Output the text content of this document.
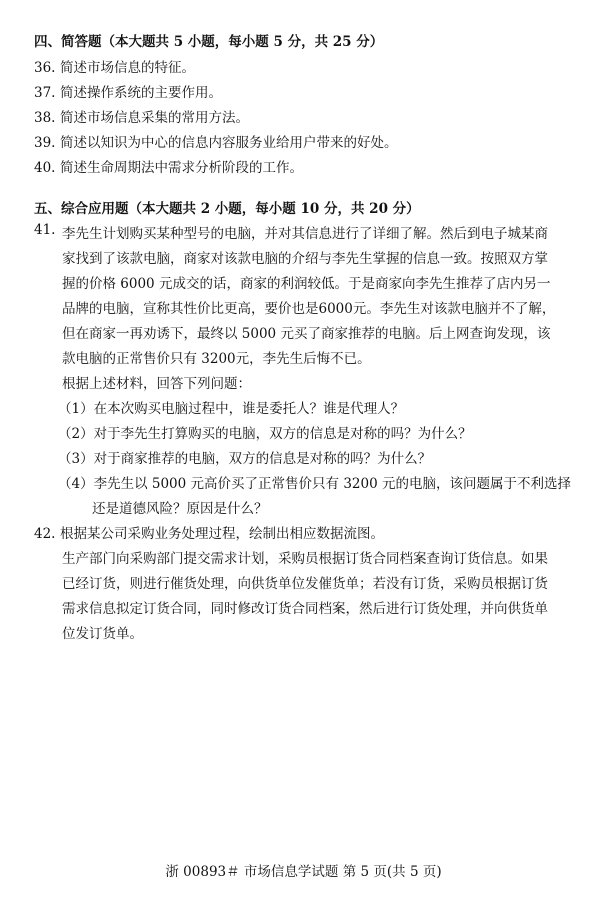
四、简答题（本大题共 5 小题，每小题 5 分，共 25 分）
36. 简述市场信息的特征。
37. 简述操作系统的主要作用。
38. 简述市场信息采集的常用方法。
39. 简述以知识为中心的信息内容服务业给用户带来的好处。
40. 简述生命周期法中需求分析阶段的工作。
五、综合应用题（本大题共 2 小题，每小题 10 分，共 20 分）
41. 李先生计划购买某种型号的电脑，并对其信息进行了详细了解。然后到电子城某商
家找到了该款电脑，商家对该款电脑的介绍与李先生掌握的信息一致。按照双方掌
握的价格 6000 元成交的话，商家的利润较低。于是商家向李先生推荐了店内另一
品牌的电脑，宣称其性价比更高，要价也是6000元。李先生对该款电脑并不了解，
但在商家一再劝诱下，最终以 5000 元买了商家推荐的电脑。后上网查询发现，该
款电脑的正常售价只有 3200元，李先生后悔不已。
根据上述材料，回答下列问题：
（1）在本次购买电脑过程中，谁是委托人？谁是代理人？
（2）对于李先生打算购买的电脑，双方的信息是对称的吗？为什么？
（3）对于商家推荐的电脑，双方的信息是对称的吗？为什么？
（4）李先生以 5000 元高价买了正常售价只有 3200 元的电脑，该问题属于不利选择
还是道德风险？原因是什么？
42. 根据某公司采购业务处理过程，绘制出相应数据流图。
生产部门向采购部门提交需求计划，采购员根据订货合同档案查询订货信息。如果
已经订货，则进行催货处理，向供货单位发催货单；若没有订货，采购员根据订货
需求信息拟定订货合同，同时修改订货合同档案，然后进行订货处理，并向供货单
位发订货单。
浙 00893＃ 市场信息学试题 第 5 页(共 5 页)
